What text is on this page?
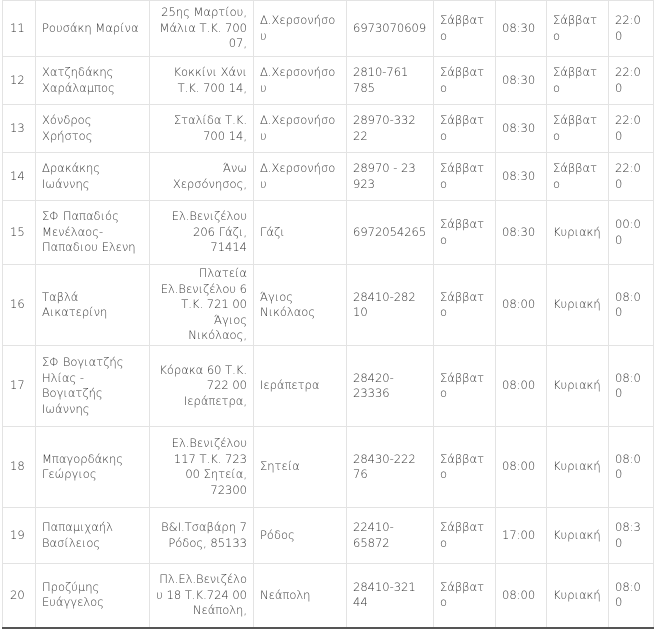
11	Ρουσάκη Μαρίνα	25ης Μαρτίου, Μάλια Τ.Κ. 700 07,	Δ.Χερσονήσου	6973070609	Σάββατο	08:30	Σάββατο	22:00
12	Χατζηδάκης Χαράλαμπος	Κοκκίνι Χάνι Τ.Κ. 700 14,	Δ.Χερσονήσου	2810-761 785	Σάββατο	08:30	Σάββατο	22:00
13	Χόνδρος Χρήστος	Σταλίδα Τ.Κ. 700 14,	Δ.Χερσονήσου	28970-332 22	Σάββατο	08:30	Σάββατο	22:00
14	Δρακάκης Ιωάννης	Άνω Χερσόνησος,	Δ.Χερσονήσου	28970 - 23 923	Σάββατο	08:30	Σάββατο	22:00
15	ΣΦ Παπαδιός Μενέλαος-Παπαδιου Ελενη	Ελ.Βενιζέλου 206 Γάζι, 71414	Γάζι	6972054265	Σάββατο	08:30	Κυριακή	00:00
16	Ταβλά Αικατερίνη	Πλατεία Ελ.Βενιζέλου 6 Τ.Κ. 721 00 Άγιος Νικόλαος,	Άγιος Νικόλαος	28410-282 10	Σάββατο	08:00	Κυριακή	08:00
17	ΣΦ Βογιατζής Ηλίας - Βογιατζής Ιωάννης	Κόρακα 60 Τ.Κ. 722 00 Ιεράπετρα,	Ιεράπετρα	28420-23336	Σάββατο	08:00	Κυριακή	08:00
18	Μπαγορδάκης Γεώργιος	Ελ.Βενιζέλου 117 Τ.Κ. 723 00 Σητεία, 72300	Σητεία	28430-222 76	Σάββατο	08:00	Κυριακή	08:00
19	Παπαμιχαήλ Βασίλειος	Β&Ι.Τσαβάρη 7 Ρόδος, 85133	Ρόδος	22410-65872	Σάββατο	17:00	Κυριακή	08:30
20	Προζύμης Ευάγγελος	Πλ.Ελ.Βενιζέλου 18 Τ.Κ.724 00 Νεάπολη,	Νεάπολη	28410-321 44	Σάββατο	08:00	Κυριακή	08:00
